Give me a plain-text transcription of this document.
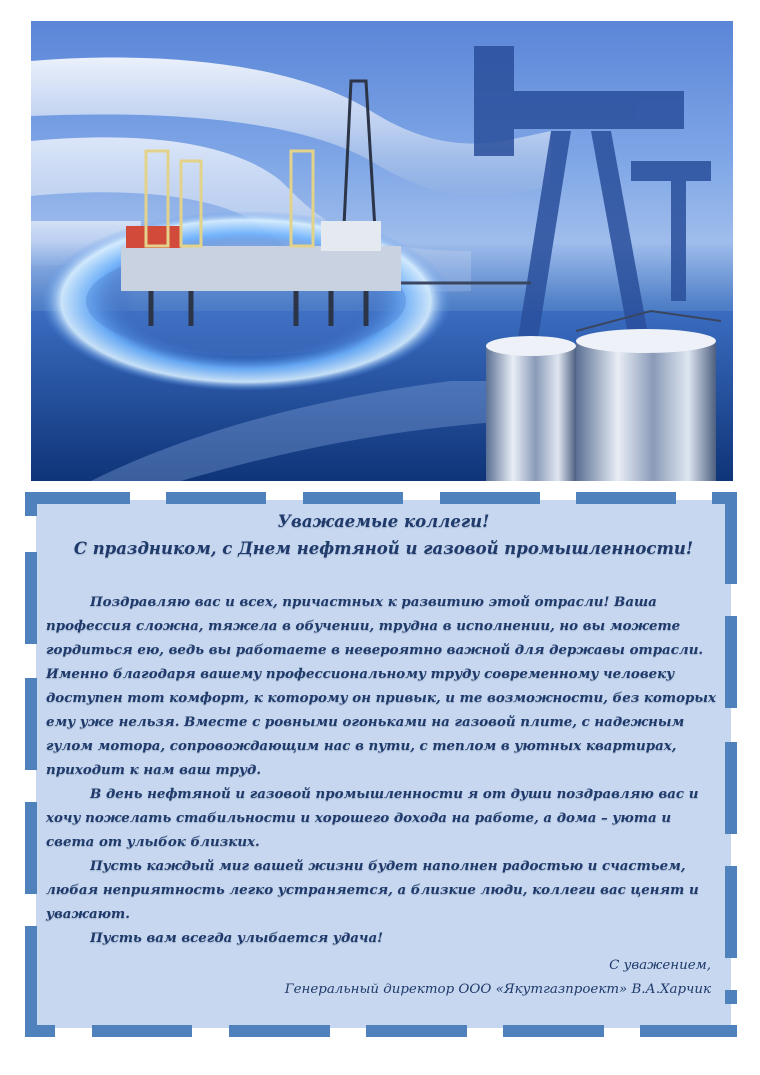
Уважаемые коллеги!
С праздником, с Днем нефтяной и газовой промышленности!

Поздравляю вас и всех, причастных к развитию этой отрасли! Ваша профессия сложна, тяжела в обучении, трудна в исполнении, но вы можете гордиться ею, ведь вы работаете в невероятно важной для державы отрасли. Именно благодаря вашему профессиональному труду современному человеку доступен тот комфорт, к которому он привык, и те возможности, без которых ему уже нельзя. Вместе с ровными огоньками на газовой плите, с надежным гулом мотора, сопровождающим нас в пути, с теплом в уютных квартирах, приходит к нам ваш труд.

В день нефтяной и газовой промышленности я от души поздравляю вас и хочу пожелать стабильности и хорошего дохода на работе, а дома – уюта и света от улыбок близких.

Пусть каждый миг вашей жизни будет наполнен радостью и счастьем, любая неприятность легко устраняется, а близкие люди, коллеги вас ценят и уважают.

Пусть вам всегда улыбается удача!

С уважением,
Генеральный директор ООО «Якутгазпроект» В.А.Харчик
